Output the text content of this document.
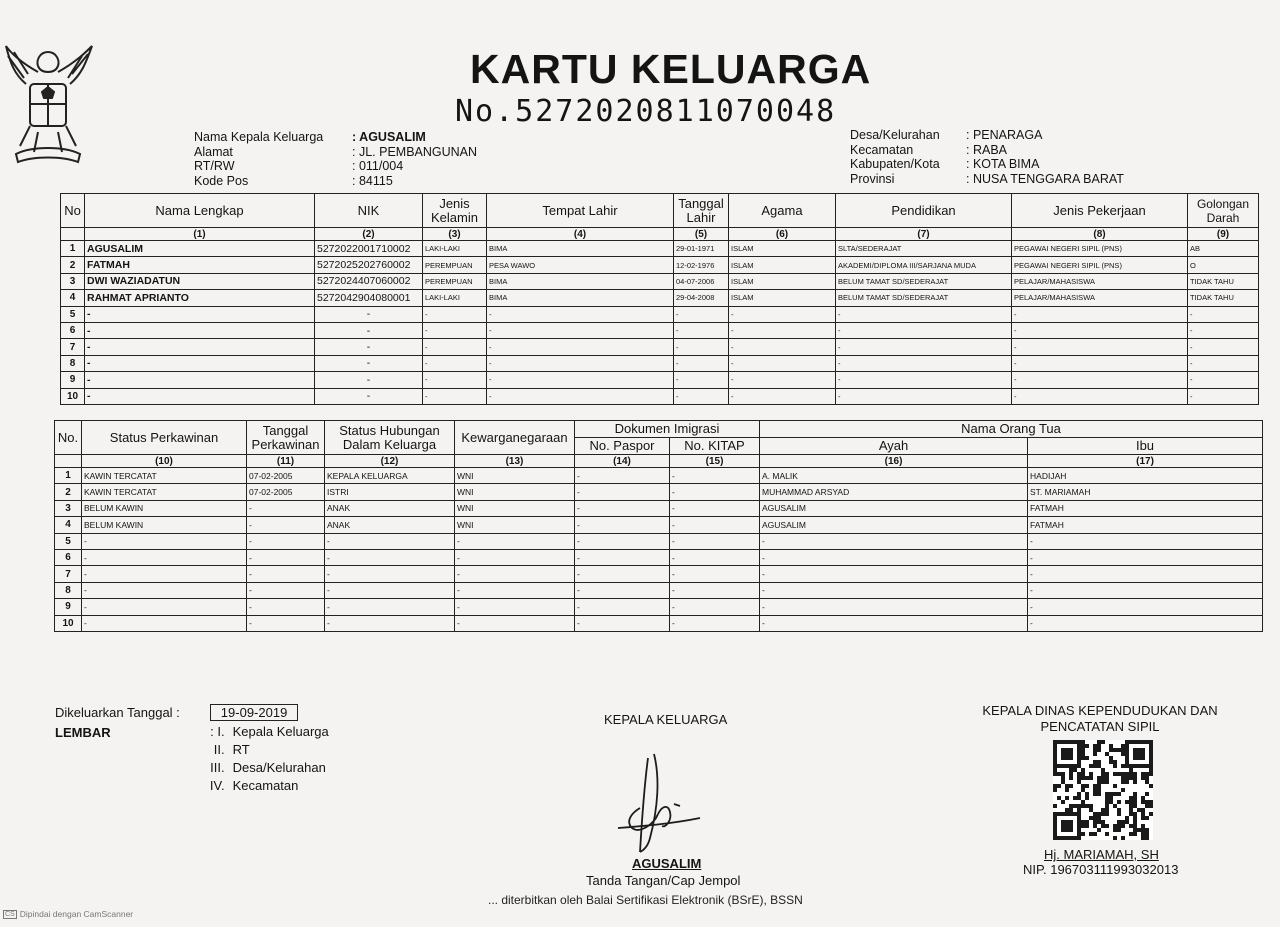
KARTU KELUARGA
No.5272020811070048
Nama Kepala Keluarga	: AGUSALIM
Alamat	: JL. PEMBANGUNAN
RT/RW	: 011/004
Kode Pos	: 84115
Desa/Kelurahan	: PENARAGA
Kecamatan	: RABA
Kabupaten/Kota	: KOTA BIMA
Provinsi	: NUSA TENGGARA BARAT
No	Nama Lengkap	NIK	Jenis Kelamin	Tempat Lahir	Tanggal Lahir	Agama	Pendidikan	Jenis Pekerjaan	Golongan Darah
	(1)	(2)	(3)	(4)	(5)	(6)	(7)	(8)	(9)
1	AGUSALIM	5272022001710002	LAKI-LAKI	BIMA	29-01-1971	ISLAM	SLTA/SEDERAJAT	PEGAWAI NEGERI SIPIL (PNS)	AB
2	FATMAH	5272025202760002	PEREMPUAN	PESA WAWO	12-02-1976	ISLAM	AKADEMI/DIPLOMA III/SARJANA MUDA	PEGAWAI NEGERI SIPIL (PNS)	O
3	DWI WAZIADATUN	5272024407060002	PEREMPUAN	BIMA	04-07-2006	ISLAM	BELUM TAMAT SD/SEDERAJAT	PELAJAR/MAHASISWA	TIDAK TAHU
4	RAHMAT APRIANTO	5272042904080001	LAKI-LAKI	BIMA	29-04-2008	ISLAM	BELUM TAMAT SD/SEDERAJAT	PELAJAR/MAHASISWA	TIDAK TAHU
5	-	-	-	-	-	-	-	-	-
6	-	-	-	-	-	-	-	-	-
7	-	-	-	-	-	-	-	-	-
8	-	-	-	-	-	-	-	-	-
9	-	-	-	-	-	-	-	-	-
10	-	-	-	-	-	-	-	-	-
No.	Status Perkawinan	Tanggal Perkawinan	Status Hubungan Dalam Keluarga	Kewarganegaraan	Dokumen Imigrasi		Nama Orang Tua	
					No. Paspor	No. KITAP	Ayah	Ibu
	(10)	(11)	(12)	(13)	(14)	(15)	(16)	(17)
1	KAWIN TERCATAT	07-02-2005	KEPALA KELUARGA	WNI	-	-	A. MALIK	HADIJAH
2	KAWIN TERCATAT	07-02-2005	ISTRI	WNI	-	-	MUHAMMAD ARSYAD	ST. MARIAMAH
3	BELUM KAWIN	-	ANAK	WNI	-	-	AGUSALIM	FATMAH
4	BELUM KAWIN	-	ANAK	WNI	-	-	AGUSALIM	FATMAH
5	-	-	-	-	-	-	-	-
6	-	-	-	-	-	-	-	-
7	-	-	-	-	-	-	-	-
8	-	-	-	-	-	-	-	-
9	-	-	-	-	-	-	-	-
10	-	-	-	-	-	-	-	-
Dikeluarkan Tanggal :	19-09-2019
LEMBAR	: I. Kepala Keluarga
II. RT
III. Desa/Kelurahan
IV. Kecamatan
KEPALA KELUARGA
AGUSALIM
Tanda Tangan/Cap Jempol
KEPALA DINAS KEPENDUDUKAN DAN PENCATATAN SIPIL
Hj. MARIAMAH, SH
NIP. 196703111993032013
... diterbitkan oleh Balai Sertifikasi Elektronik (BSrE), BSSN
CS Dipindai dengan CamScanner
